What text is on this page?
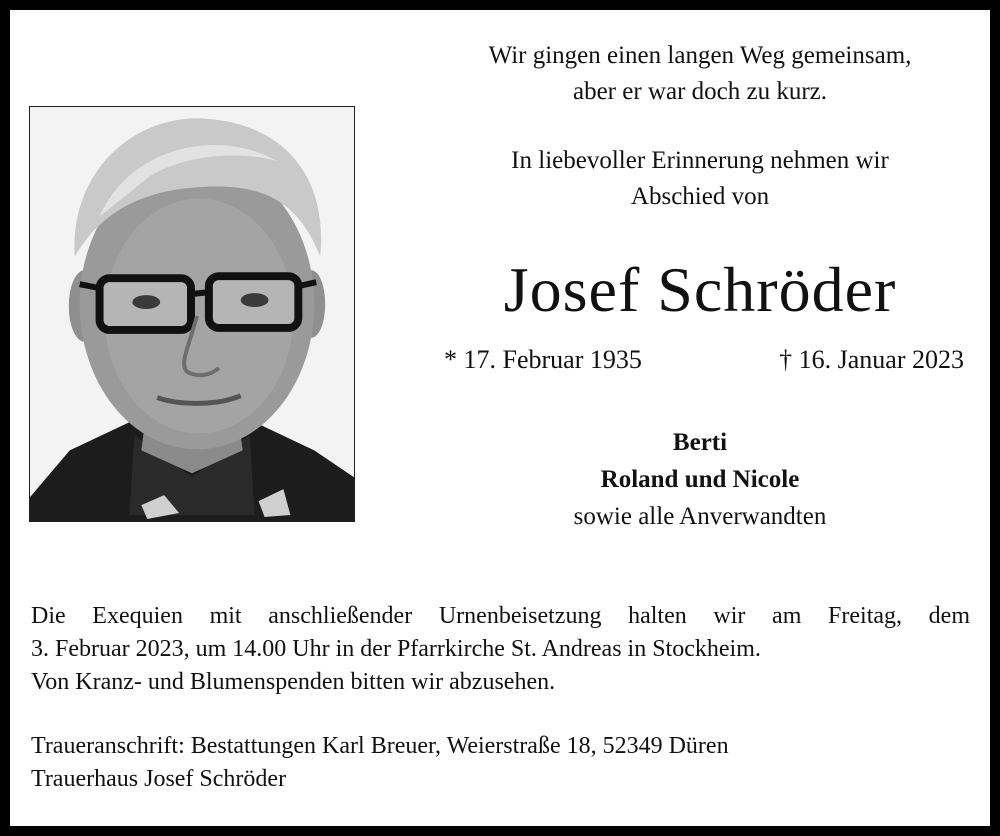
Wir gingen einen langen Weg gemeinsam,
aber er war doch zu kurz.
In liebevoller Erinnerung nehmen wir
Abschied von
Josef Schröder
* 17. Februar 1935	† 16. Januar 2023
Berti
Roland und Nicole
sowie alle Anverwandten
Die Exequien mit anschließender Urnenbeisetzung halten wir am Freitag, dem
3. Februar 2023, um 14.00 Uhr in der Pfarrkirche St. Andreas in Stockheim.
Von Kranz- und Blumenspenden bitten wir abzusehen.
Traueranschrift: Bestattungen Karl Breuer, Weierstraße 18, 52349 Düren
Trauerhaus Josef Schröder
